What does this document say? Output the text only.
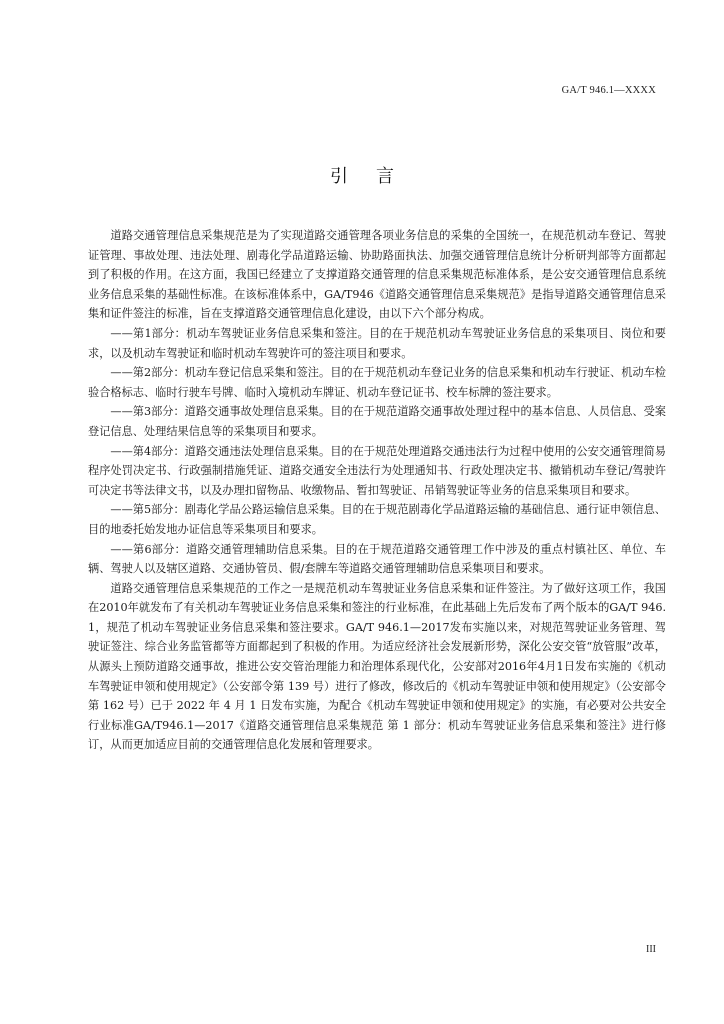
GA/T 946.1—XXXX
引言

道路交通管理信息采集规范是为了实现道路交通管理各项业务信息的采集的全国统一，在规范机动车登记、驾驶证管理、事故处理、违法处理、剧毒化学品道路运输、协助路面执法、加强交通管理信息统计分析研判部等方面都起到了积极的作用。在这方面，我国已经建立了支撑道路交通管理的信息采集规范标准体系，是公安交通管理信息系统业务信息采集的基础性标准。在该标准体系中，GA/T946《道路交通管理信息采集规范》是指导道路交通管理信息采集和证件签注的标准，旨在支撑道路交通管理信息化建设，由以下六个部分构成。

——第1部分：机动车驾驶证业务信息采集和签注。目的在于规范机动车驾驶证业务信息的采集项目、岗位和要求，以及机动车驾驶证和临时机动车驾驶许可的签注项目和要求。

——第2部分：机动车登记信息采集和签注。目的在于规范机动车登记业务的信息采集和机动车行驶证、机动车检验合格标志、临时行驶车号牌、临时入境机动车牌证、机动车登记证书、校车标牌的签注要求。

——第3部分：道路交通事故处理信息采集。目的在于规范道路交通事故处理过程中的基本信息、人员信息、受案登记信息、处理结果信息等的采集项目和要求。

——第4部分：道路交通违法处理信息采集。目的在于规范处理道路交通违法行为过程中使用的公安交通管理简易程序处罚决定书、行政强制措施凭证、道路交通安全违法行为处理通知书、行政处理决定书、撤销机动车登记/驾驶许可决定书等法律文书，以及办理扣留物品、收缴物品、暂扣驾驶证、吊销驾驶证等业务的信息采集项目和要求。

——第5部分：剧毒化学品公路运输信息采集。目的在于规范剧毒化学品道路运输的基础信息、通行证申领信息、目的地委托始发地办证信息等采集项目和要求。

——第6部分：道路交通管理辅助信息采集。目的在于规范道路交通管理工作中涉及的重点村镇社区、单位、车辆、驾驶人以及辖区道路、交通协管员、假/套牌车等道路交通管理辅助信息采集项目和要求。

道路交通管理信息采集规范的工作之一是规范机动车驾驶证业务信息采集和证件签注。为了做好这项工作，我国在2010年就发布了有关机动车驾驶证业务信息采集和签注的行业标准，在此基础上先后发布了两个版本的GA/T 946.1，规范了机动车驾驶证业务信息采集和签注要求。GA/T 946.1—2017发布实施以来，对规范驾驶证业务管理、驾驶证签注、综合业务监管都等方面都起到了积极的作用。为适应经济社会发展新形势，深化公安交管“放管服”改革，从源头上预防道路交通事故，推进公安交管治理能力和治理体系现代化，公安部对2016年4月1日发布实施的《机动车驾驶证申领和使用规定》（公安部令第 139 号）进行了修改，修改后的《机动车驾驶证申领和使用规定》（公安部令第 162 号）已于 2022 年 4 月 1 日发布实施，为配合《机动车驾驶证申领和使用规定》的实施，有必要对公共安全行业标准GA/T946.1—2017《道路交通管理信息采集规范 第 1 部分：机动车驾驶证业务信息采集和签注》进行修订，从而更加适应目前的交通管理信息化发展和管理要求。

III
